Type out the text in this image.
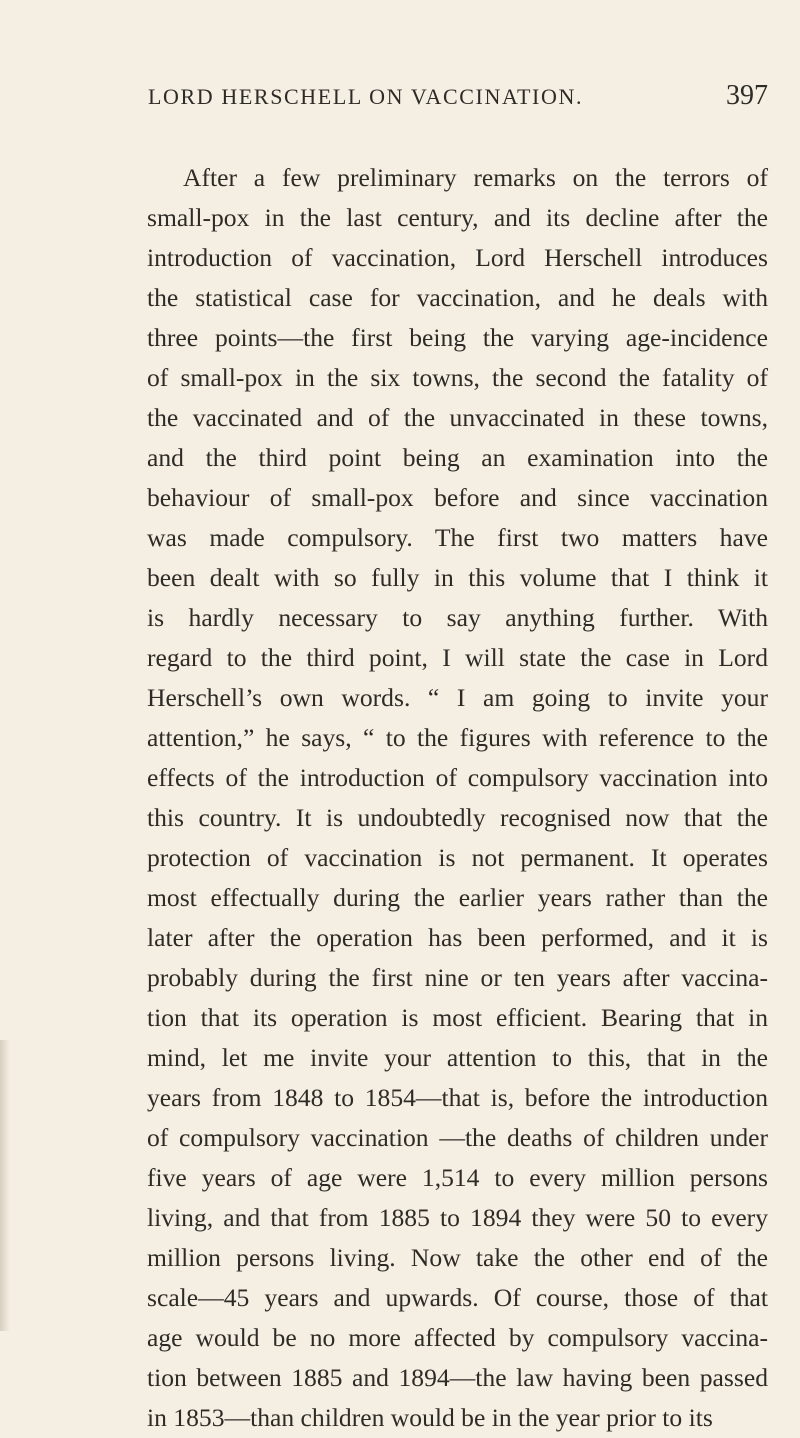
LORD HERSCHELL ON VACCINATION.	397
After a few preliminary remarks on the terrors of
small-pox in the last century, and its decline after the
introduction of vaccination, Lord Herschell introduces
the statistical case for vaccination, and he deals with
three points—the first being the varying age-incidence
of small-pox in the six towns, the second the fatality of
the vaccinated and of the unvaccinated in these towns,
and the third point being an examination into the
behaviour of small-pox before and since vaccination
was made compulsory. The first two matters have
been dealt with so fully in this volume that I think it
is hardly necessary to say anything further. With
regard to the third point, I will state the case in Lord
Herschell’s own words. “ I am going to invite your
attention,” he says, “ to the figures with reference to the
effects of the introduction of compulsory vaccination into
this country. It is undoubtedly recognised now that the
protection of vaccination is not permanent. It operates
most effectually during the earlier years rather than the
later after the operation has been performed, and it is
probably during the first nine or ten years after vaccina-
tion that its operation is most efficient. Bearing that in
mind, let me invite your attention to this, that in the
years from 1848 to 1854—that is, before the introduction
of compulsory vaccination —the deaths of children under
five years of age were 1,514 to every million persons
living, and that from 1885 to 1894 they were 50 to every
million persons living. Now take the other end of the
scale—45 years and upwards. Of course, those of that
age would be no more affected by compulsory vaccina-
tion between 1885 and 1894—the law having been passed
in 1853—than children would be in the year prior to its
